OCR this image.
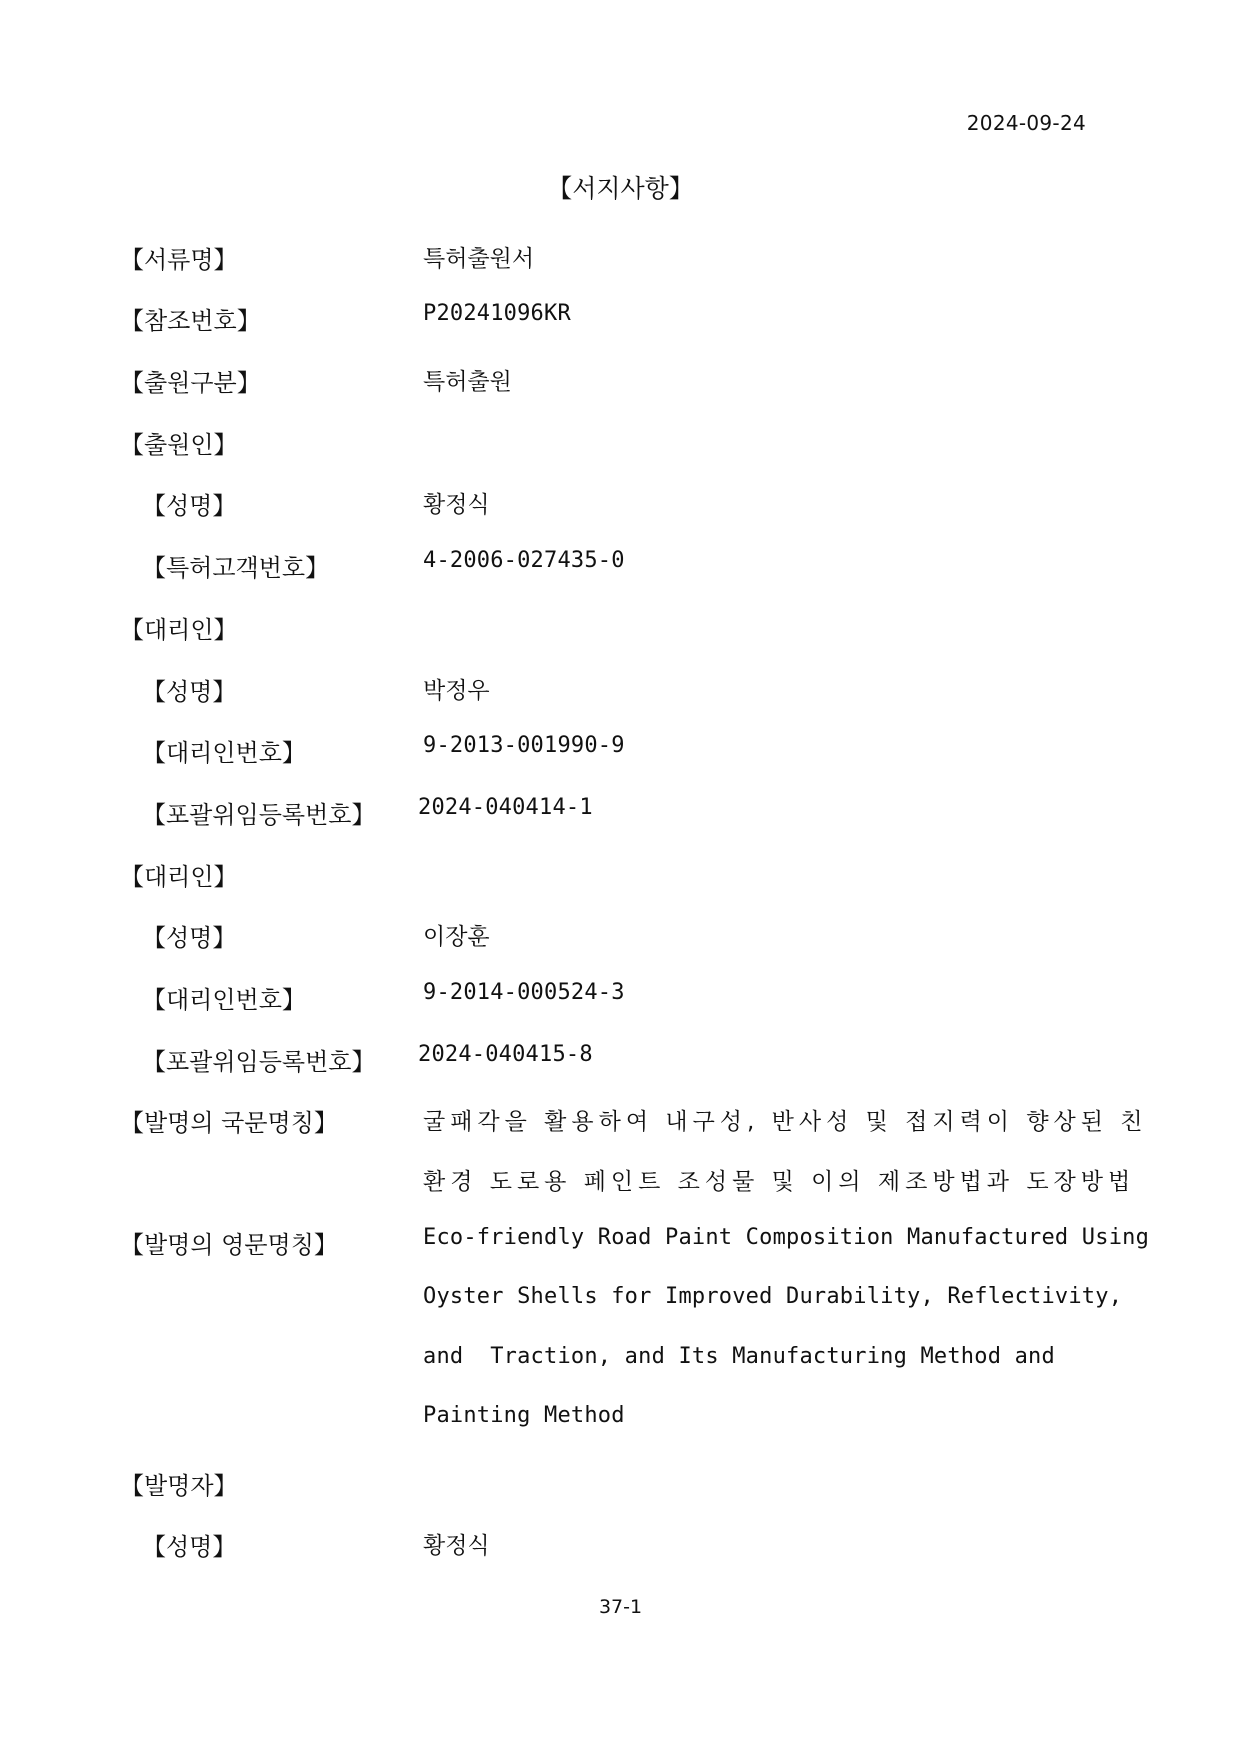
2024-09-24
【서지사항】
【서류명】	특허출원서
【참조번호】	P20241096KR
【출원구분】	특허출원
【출원인】
【성명】	황정식
【특허고객번호】	4-2006-027435-0
【대리인】
【성명】	박정우
【대리인번호】	9-2013-001990-9
【포괄위임등록번호】 2024-040414-1
【대리인】
【성명】	이장훈
【대리인번호】	9-2014-000524-3
【포괄위임등록번호】 2024-040415-8
【발명의 국문명칭】	굴패각을 활용하여 내구성, 반사성 및 접지력이 향상된 친
환경 도로용 페인트 조성물 및 이의 제조방법과 도장방법
【발명의 영문명칭】	Eco-friendly Road Paint Composition Manufactured Using
Oyster Shells for Improved Durability, Reflectivity,
and  Traction, and Its Manufacturing Method and
Painting Method
【발명자】
【성명】	황정식
37-1
